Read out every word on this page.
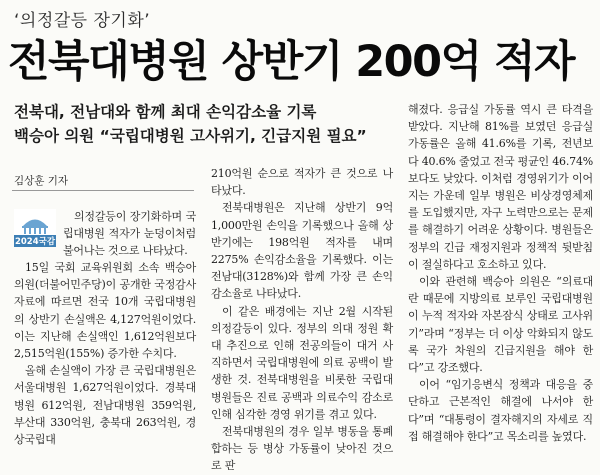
‘의정갈등 장기화’
전북대병원 상반기 200억 적자
전북대, 전남대와 함께 최대 손익감소율 기록
백승아 의원 “국립대병원 고사위기, 긴급지원 필요”
김상훈 기자
2024국감

의정갈등이 장기화하며 국립대병원 적자가 눈덩이처럼 불어나는 것으로 나타났다.

15일 국회 교육위원회 소속 백승아 의원(더불어민주당)이 공개한 국정감사 자료에 따르면 전국 10개 국립대병원의 상반기 손실액은 4,127억원이었다. 이는 지난해 손실액인 1,612억원보다 2,515억원(155%) 증가한 수치다.

올해 손실액이 가장 큰 국립대병원은 서울대병원 1,627억원이었다. 경북대병원 612억원, 전남대병원 359억원, 부산대 330억원, 충북대 263억원, 경상국립대

210억원 순으로 적자가 큰 것으로 나타났다.

전북대병원은 지난해 상반기 9억1,000만원 손익을 기록했으나 올해 상반기에는 198억원 적자를 내며 2275% 손익감소율을 기록했다. 이는 전남대(3128%)와 함께 가장 큰 손익감소율로 나타났다.

이 같은 배경에는 지난 2월 시작된 의정갈등이 있다. 정부의 의대 정원 확대 추진으로 인해 전공의들이 대거 사직하면서 국립대병원에 의료 공백이 발생한 것. 전북대병원을 비롯한 국립대병원들은 진료 공백과 의료수익 감소로 인해 심각한 경영 위기를 겪고 있다.

전북대병원의 경우 일부 병동을 통폐합하는 등 병상 가동률이 낮아진 것으로 판

해졌다. 응급실 가동률 역시 큰 타격을 받았다. 지난해 81%를 보였던 응급실 가동률은 올해 41.6%를 기록, 전년보다 40.6% 줄었고 전국 평균인 46.74%보다도 낮았다. 이처럼 경영위기가 이어지는 가운데 일부 병원은 비상경영체제를 도입했지만, 자구 노력만으로는 문제를 해결하기 어려운 상황이다. 병원들은 정부의 긴급 재정지원과 정책적 뒷받침이 절실하다고 호소하고 있다.

이와 관련해 백승아 의원은 “의료대란 때문에 지방의료 보루인 국립대병원이 누적 적자와 자본잠식 상태로 고사위기”라며 “정부는 더 이상 악화되지 않도록 국가 차원의 긴급지원을 해야 한다”고 강조했다.

이어 “임기응변식 정책과 대응을 중단하고 근본적인 해결에 나서야 한다”며 “대통령이 결자해지의 자세로 직접 해결해야 한다”고 목소리를 높였다.
